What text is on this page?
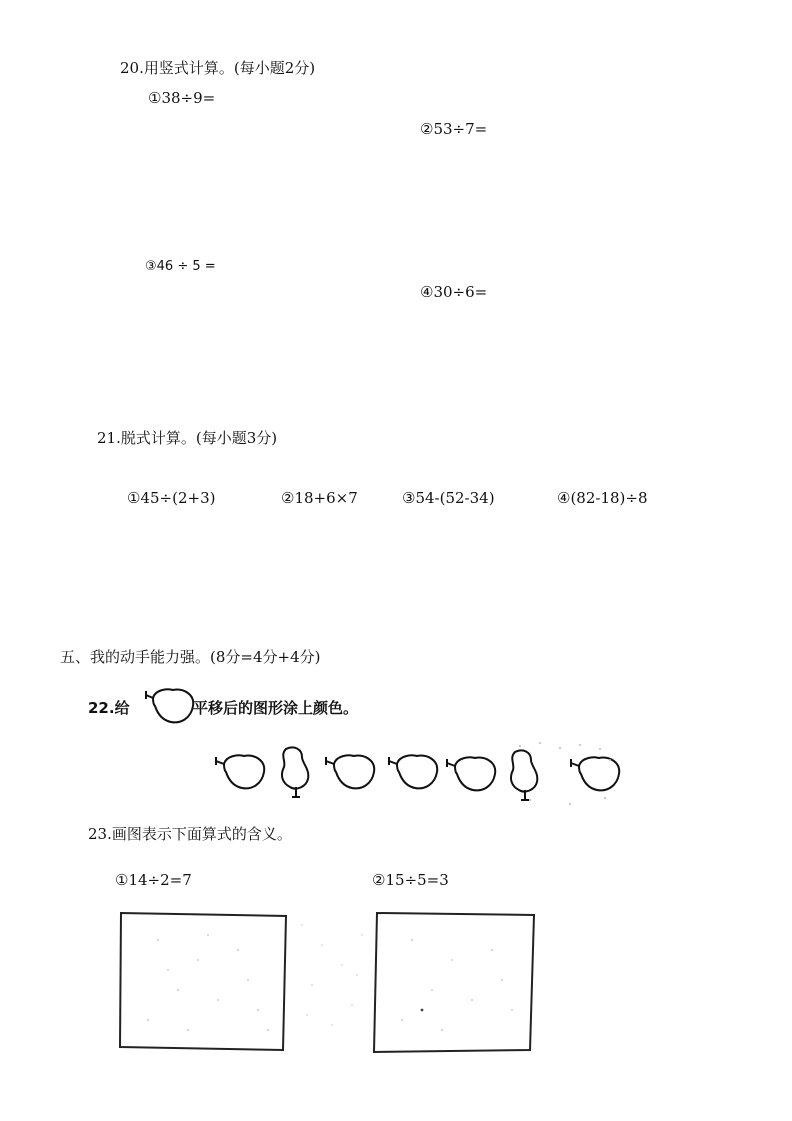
20.用竖式计算。(每小题2分)
①38÷9=
②53÷7=
③46 ÷ 5 =
④30÷6=
21.脱式计算。(每小题3分)
①45÷(2+3)	②18+6×7	③54-(52-34)	④(82-18)÷8
五、我的动手能力强。(8分=4分+4分)
22.给	平移后的图形涂上颜色。
23.画图表示下面算式的含义。
①14÷2=7	②15÷5=3
